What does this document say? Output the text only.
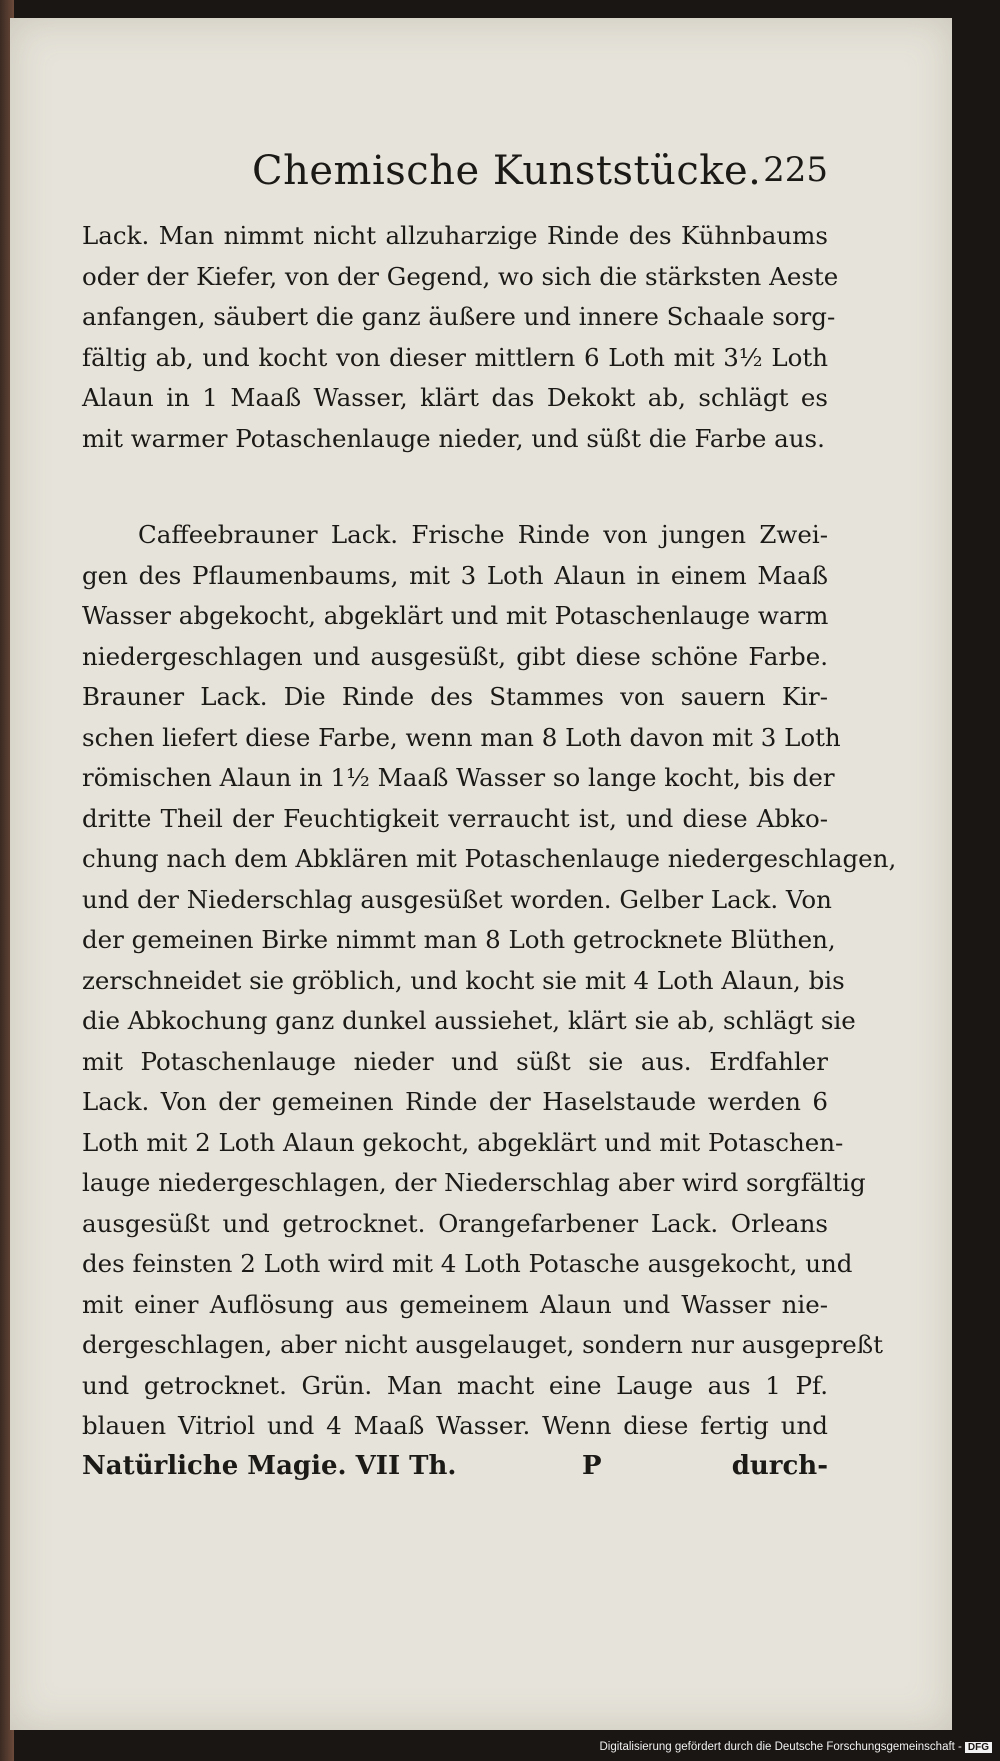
Chemische Kunststücke. 225

Lack. Man nimmt nicht allzuharzige Rinde des Kühnbaums
oder der Kiefer, von der Gegend, wo sich die stärksten Aeste
anfangen, säubert die ganz äußere und innere Schaale sorg-
fältig ab, und kocht von dieser mittlern 6 Loth mit 3½ Loth
Alaun in 1 Maaß Wasser, klärt das Dekokt ab, schlägt es
mit warmer Potaschenlauge nieder, und süßt die Farbe aus.

Caffeebrauner Lack. Frische Rinde von jungen Zwei-
gen des Pflaumenbaums, mit 3 Loth Alaun in einem Maaß
Wasser abgekocht, abgeklärt und mit Potaschenlauge warm
niedergeschlagen und ausgesüßt, gibt diese schöne Farbe.
Brauner Lack. Die Rinde des Stammes von sauern Kir-
schen liefert diese Farbe, wenn man 8 Loth davon mit 3 Loth
römischen Alaun in 1½ Maaß Wasser so lange kocht, bis der
dritte Theil der Feuchtigkeit verraucht ist, und diese Abko-
chung nach dem Abklären mit Potaschenlauge niedergeschlagen,
und der Niederschlag ausgesüßet worden. Gelber Lack. Von
der gemeinen Birke nimmt man 8 Loth getrocknete Blüthen,
zerschneidet sie gröblich, und kocht sie mit 4 Loth Alaun, bis
die Abkochung ganz dunkel aussiehet, klärt sie ab, schlägt sie
mit Potaschenlauge nieder und süßt sie aus. Erdfahler
Lack. Von der gemeinen Rinde der Haselstaude werden 6
Loth mit 2 Loth Alaun gekocht, abgeklärt und mit Potaschen-
lauge niedergeschlagen, der Niederschlag aber wird sorgfältig
ausgesüßt und getrocknet. Orangefarbener Lack. Orleans
des feinsten 2 Loth wird mit 4 Loth Potasche ausgekocht, und
mit einer Auflösung aus gemeinem Alaun und Wasser nie-
dergeschlagen, aber nicht ausgelauget, sondern nur ausgepreßt
und getrocknet. Grün. Man macht eine Lauge aus 1 Pf.
blauen Vitriol und 4 Maaß Wasser. Wenn diese fertig und

Natürliche Magie. VII Th.	P	durch-
Digitalisierung gefördert durch die Deutsche Forschungsgemeinschaft - DFG
